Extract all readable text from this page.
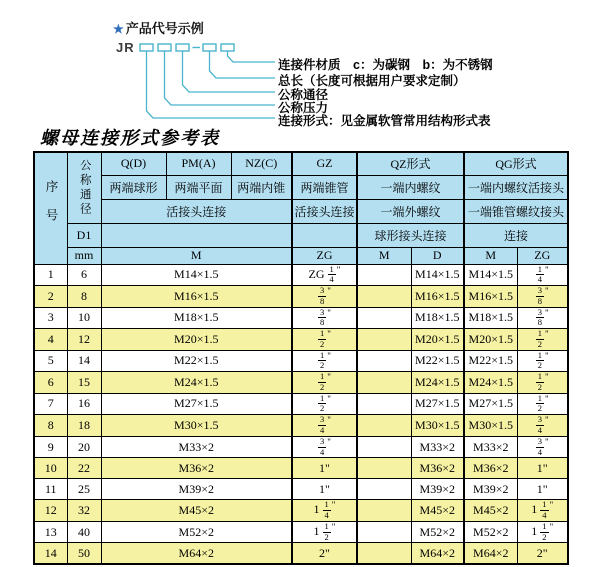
★ 产品代号示例
JR
连接件材质　c：为碳钢　b：为不锈钢
总长（长度可根据用户要求定制）
公称通径
公称压力
连接形式：见金属软管常用结构形式表
螺母连接形式参考表
序号	公称通径	Q(D)	PM(A)	NZ(C)	GZ	QZ形式		QG形式	
		两端球形	两端平面	两端内锥	两端锥管	一端内螺纹		一端内螺纹活接头	
		活接头连接			活接头连接	一端外螺纹		一端锥管螺纹接头	
	D1					球形接头连接		连接	
	mm	M			ZG	M	D	M	ZG
1	6	M14×1.5			ZG $\frac{1}{4} ^"$		M14×1.5	M14×1.5	$\frac{1}{4} ^"$
2	8	M16×1.5			$\frac{3}{8} ^"$		M16×1.5	M16×1.5	$\frac{3}{8} ^"$
3	10	M18×1.5			$\frac{3}{8} ^"$		M18×1.5	M18×1.5	$\frac{3}{8} ^"$
4	12	M20×1.5			$\frac{1}{2} ^"$		M20×1.5	M20×1.5	$\frac{1}{2} ^"$
5	14	M22×1.5			$\frac{1}{2} ^"$		M22×1.5	M22×1.5	$\frac{1}{2} ^"$
6	15	M24×1.5			$\frac{1}{2} ^"$		M24×1.5	M24×1.5	$\frac{1}{2} ^"$
7	16	M27×1.5			$\frac{1}{2} ^"$		M27×1.5	M27×1.5	$\frac{1}{2} ^"$
8	18	M30×1.5			$\frac{3}{4} ^"$		M30×1.5	M30×1.5	$\frac{3}{4} ^"$
9	20	M33×2			$\frac{3}{4} ^"$		M33×2	M33×2	$\frac{3}{4} ^"$
10	22	M36×2			1"		M36×2	M36×2	1"
11	25	M39×2			1"		M39×2	M39×2	1"
12	32	M45×2			$1 \frac{1}{4} ^"$		M45×2	M45×2	$1 \frac{1}{4} ^"$
13	40	M52×2			$1 \frac{1}{2} ^"$		M52×2	M52×2	$1 \frac{1}{2} ^"$
14	50	M64×2			2"		M64×2	M64×2	2"
